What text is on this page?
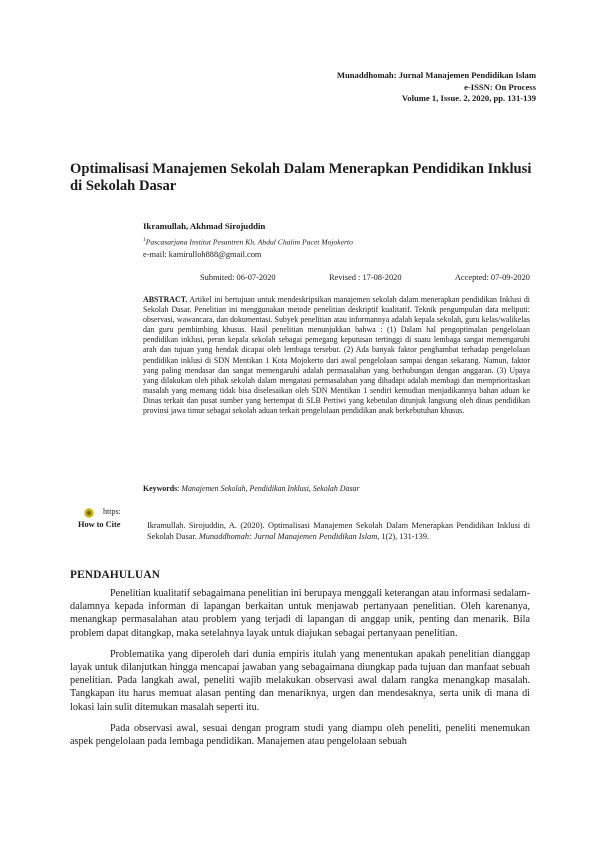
Munaddhomah: Jurnal Manajemen Pendidikan Islam
e-ISSN: On Process
Volume 1, Issue. 2, 2020, pp. 131-139
Optimalisasi Manajemen Sekolah Dalam Menerapkan Pendidikan Inklusi di Sekolah Dasar
Ikramullah, Akhmad Sirojuddin
$^1$Pascasarjana Institut Pesantren Kh. Abdul Chalim Pacet Mojokerto
e-mail: kamirulloh888@gmail.com
Submited: 06-07-2020	Revised : 17-08-2020	Accepted: 07-09-2020
ABSTRACT. Artikel ini bertujuan untuk mendeskripsikan manajemen sekolah dalam menerapkan pendidikan Inklusi di Sekolah Dasar. Penelitian ini menggunakan metode penelitian deskriptif kualitatif. Teknik pengumpulan data meliputi: observasi, wawancara, dan dokumentasi. Subyek penelitian atau informannya adalah kepala sekolah, guru kelas/walikelas dan guru pembimbing khusus. Hasil penelitian menunjukkan bahwa : (1) Dalam hal pengoptimalan pengelolaan pendidikan inklusi, peran kepala sekolah sebagai pemegang keputusan tertinggi di suatu lembaga sangat memengaruhi arah dan tujuan yang hendak dicapai oleh lembaga tersebut. (2) Ada banyak faktor penghambat terhadap pengelolaan pendidikan inklusi di SDN Mentikan 1 Kota Mojokerto dari awal pengelolaan sampai dengan sekarang. Namun, faktor yang paling mendasar dan sangat memengaruhi adalah permasalahan yang berhubungan dengan anggaran. (3) Upaya yang dilakukan oleh pihak sekolah dalam mengatasi permasalahan yang dihadapi adalah membagi dan memprioritaskan masalah yang memang tidak bisa diselesaikan oleh SDN Mentikan 1 sendiri kemudian menjadikannya bahan aduan ke Dinas terkait dan pusat sumber yang bertempat di SLB Pertiwi yang kebetulan ditunjuk langsung oleh dinas pendidikan provinsi jawa timur sebagai sekolah aduan terkait pengelolaan pendidikan anak berkebutuhan khusus.
Keywords: Manajemen Sekolah, Pendidikan Inklusi, Sekolah Dasar
https:
How to Cite	Ikramullah. Sirojuddin, A. (2020). Optimalisasi Manajemen Sekolah Dalam Menerapkan Pendidikan Inklusi di Sekolah Dasar. Munaddhomah: Jurnal Manajemen Pendidikan Islam, 1(2), 131-139.
PENDAHULUAN

Penelitian kualitatif sebagaimana penelitian ini berupaya menggali keterangan atau informasi sedalam-dalamnya kepada informan di lapangan berkaitan untuk menjawab pertanyaan penelitian. Oleh karenanya, menangkap permasalahan atau problem yang terjadi di lapangan di anggap unik, penting dan menarik. Bila problem dapat ditangkap, maka setelahnya layak untuk diajukan sebagai pertanyaan penelitian.

Problematika yang diperoleh dari dunia empiris itulah yang menentukan apakah penelitian dianggap layak untuk dilanjutkan hingga mencapai jawaban yang sebagaimana diungkap pada tujuan dan manfaat sebuah penelitian. Pada langkah awal, peneliti wajib melakukan observasi awal dalam rangka menangkap masalah. Tangkapan itu harus memuat alasan penting dan menariknya, urgen dan mendesaknya, serta unik di mana di lokasi lain sulit ditemukan masalah seperti itu.

Pada observasi awal, sesuai dengan program studi yang diampu oleh peneliti, peneliti menemukan aspek pengelolaan pada lembaga pendidikan. Manajemen atau pengelolaan sebuah
